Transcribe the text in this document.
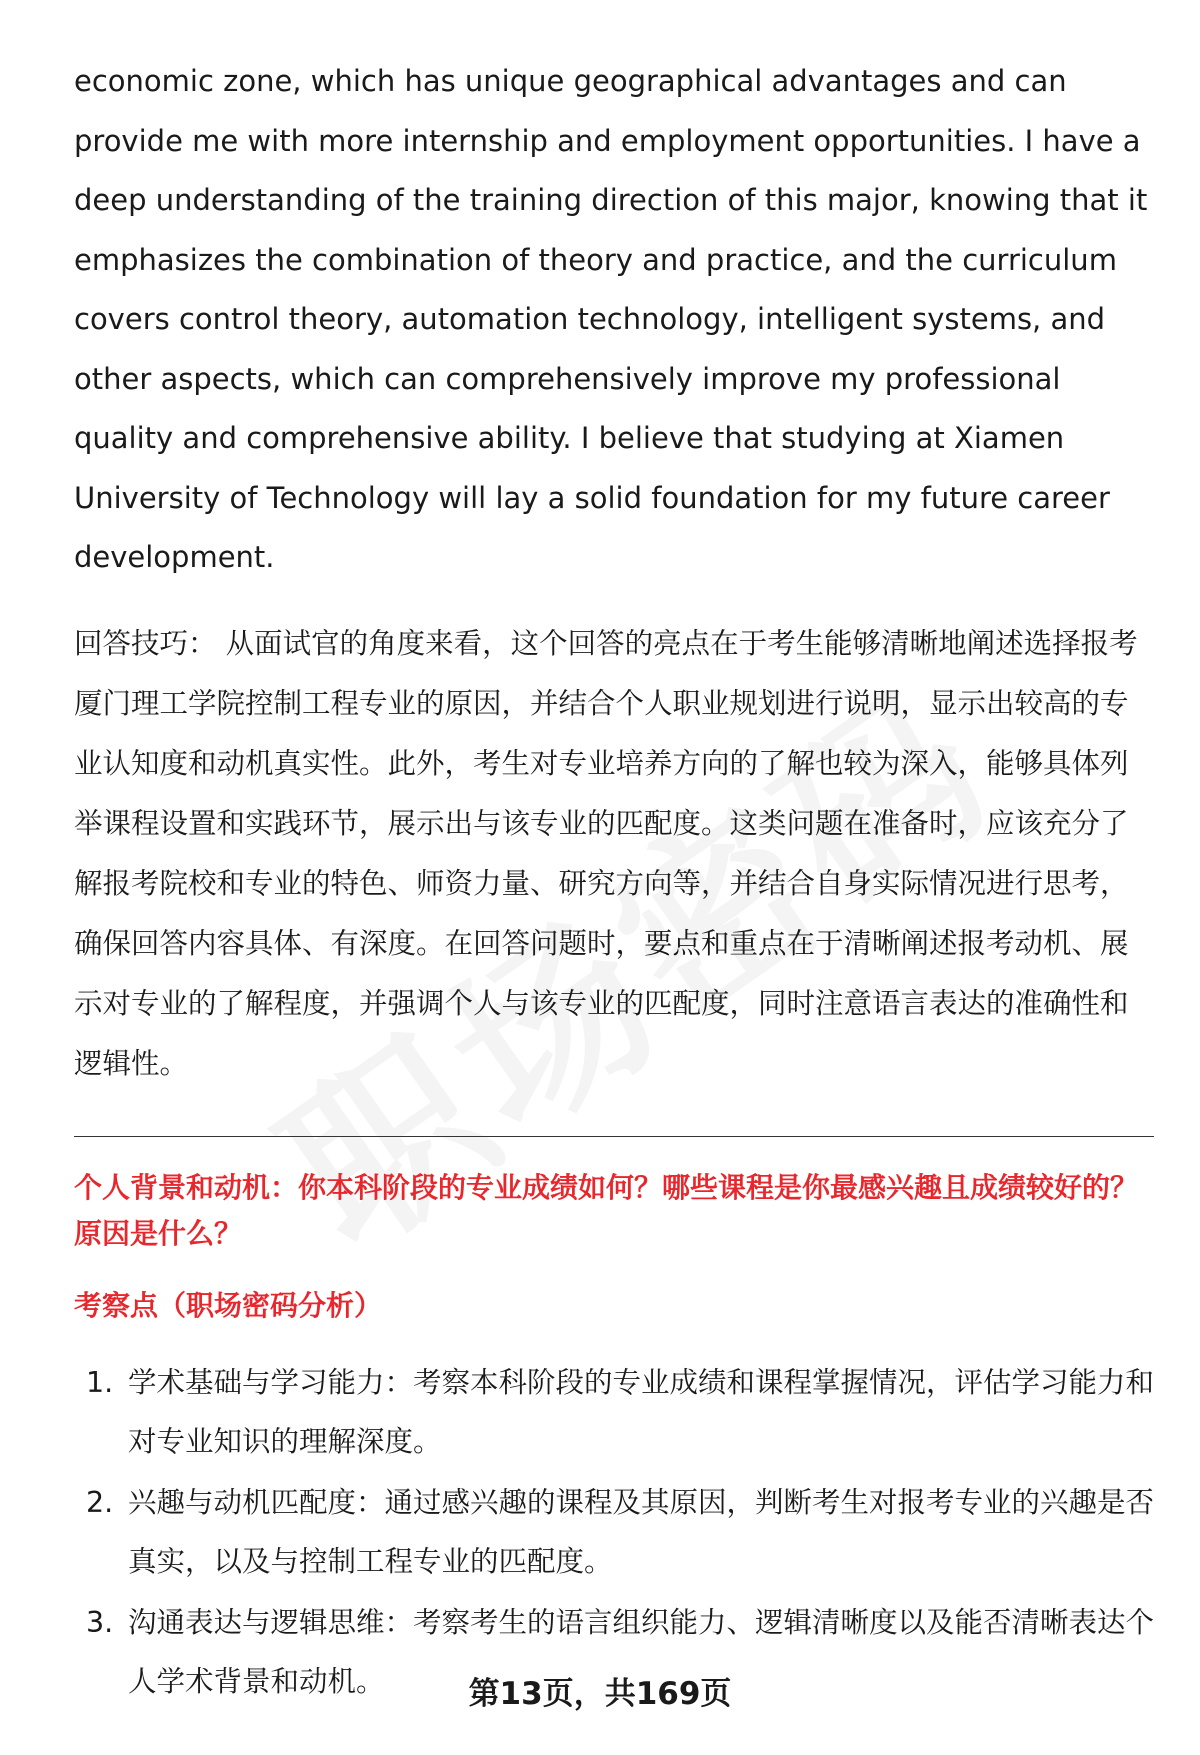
economic zone, which has unique geographical advantages and can provide me with more internship and employment opportunities. I have a deep understanding of the training direction of this major, knowing that it emphasizes the combination of theory and practice, and the curriculum covers control theory, automation technology, intelligent systems, and other aspects, which can comprehensively improve my professional quality and comprehensive ability. I believe that studying at Xiamen University of Technology will lay a solid foundation for my future career development.

回答技巧： 从面试官的角度来看，这个回答的亮点在于考生能够清晰地阐述选择报考厦门理工学院控制工程专业的原因，并结合个人职业规划进行说明，显示出较高的专业认知度和动机真实性。此外，考生对专业培养方向的了解也较为深入，能够具体列举课程设置和实践环节，展示出与该专业的匹配度。这类问题在准备时，应该充分了解报考院校和专业的特色、师资力量、研究方向等，并结合自身实际情况进行思考，确保回答内容具体、有深度。在回答问题时，要点和重点在于清晰阐述报考动机、展示对专业的了解程度，并强调个人与该专业的匹配度，同时注意语言表达的准确性和逻辑性。

个人背景和动机：你本科阶段的专业成绩如何？哪些课程是你最感兴趣且成绩较好的？原因是什么？

考察点（职场密码分析）

1. 学术基础与学习能力：考察本科阶段的专业成绩和课程掌握情况，评估学习能力和对专业知识的理解深度。
2. 兴趣与动机匹配度：通过感兴趣的课程及其原因，判断考生对报考专业的兴趣是否真实，以及与控制工程专业的匹配度。
3. 沟通表达与逻辑思维：考察考生的语言组织能力、逻辑清晰度以及能否清晰表达个人学术背景和动机。	第13页，共169页
